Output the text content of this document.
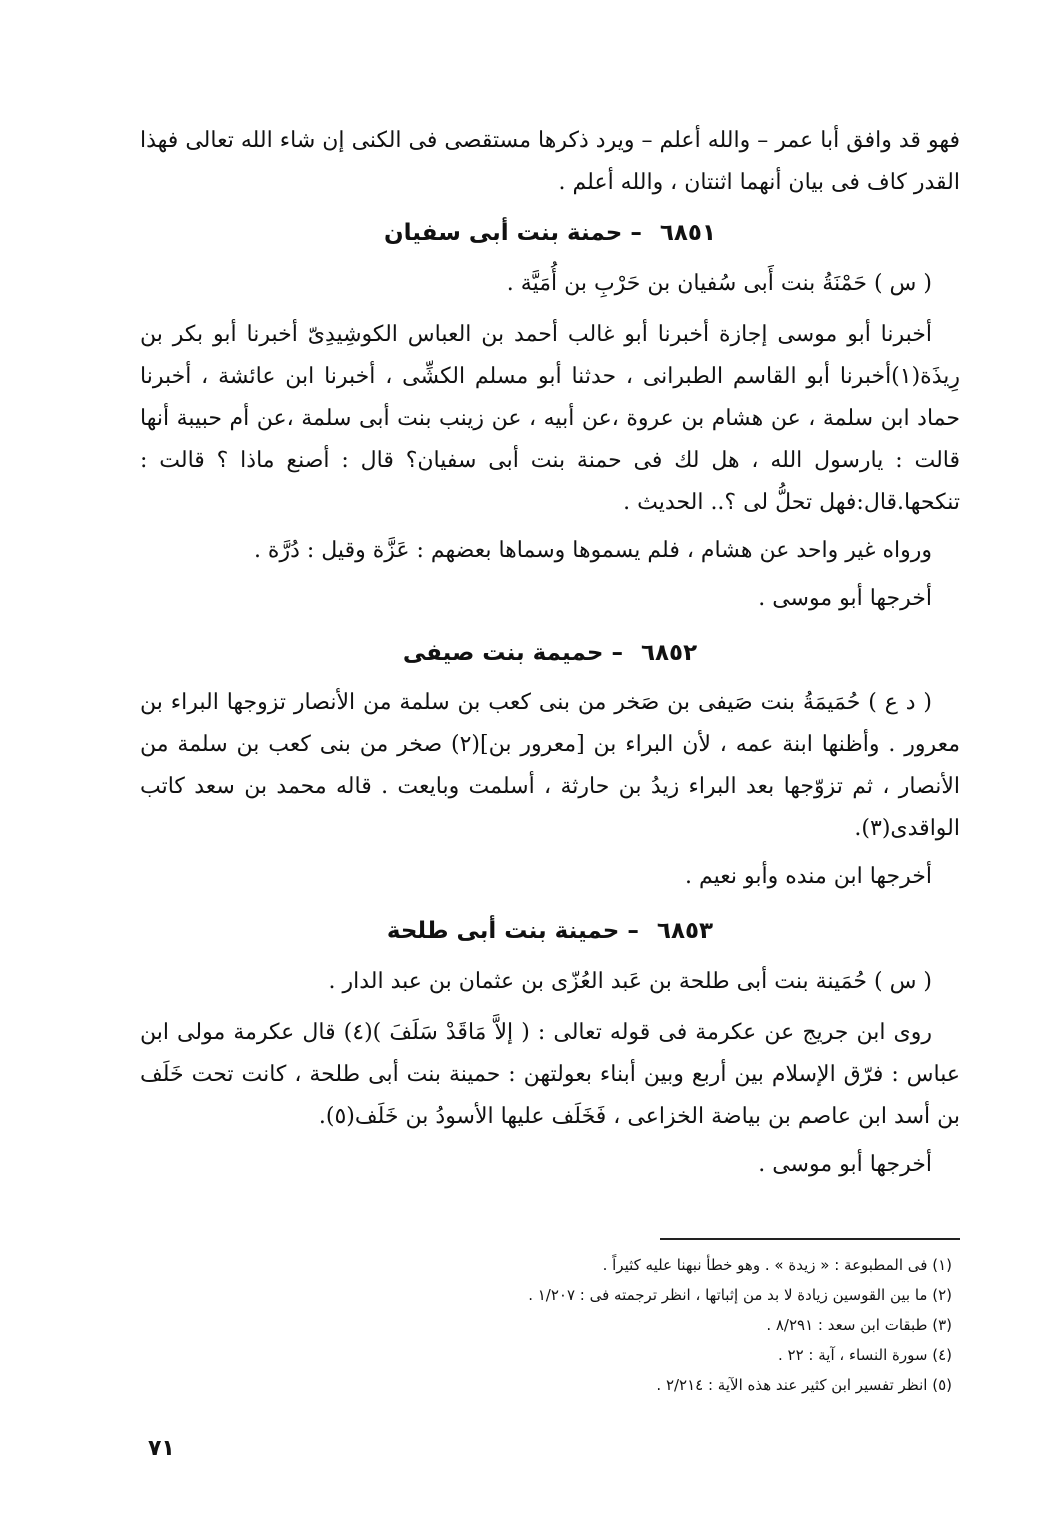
فهو قد وافق أبا عمر – والله أعلم – ويرد ذكرها مستقصى فى الكنى إن شاء الله تعالى فهذا القدر كاف فى بيان أنهما اثنتان ، والله أعلم .

٦٨٥١ – حمنة بنت أبى سفيان

( س ) حَمْنَةُ بنت أَبى سُفيان بن حَرْبِ بن أُمَيَّة .

أخبرنا أبو موسى إجازة أخبرنا أبو غالب أحمد بن العباس الكوشِيدِىّ أخبرنا أبو بكر بن رِيذَة(١)أخبرنا أبو القاسم الطبرانى ، حدثنا أبو مسلم الكشِّى ، أخبرنا ابن عائشة ، أخبرنا حماد ابن سلمة ، عن هشام بن عروة ،عن أبيه ، عن زينب بنت أبى سلمة ،عن أم حبيبة أنها قالت : يارسول الله ، هل لك فى حمنة بنت أبى سفيان؟ قال : أصنع ماذا ؟ قالت : تنكحها.قال:فهل تحلُّ لى ؟.. الحديث .

ورواه غير واحد عن هشام ، فلم يسموها وسماها بعضهم : عَزَّة وقيل : دُرَّة .

أخرجها أبو موسى .

٦٨٥٢ – حميمة بنت صيفى

( د ع ) حُمَيمَةُ بنت صَيفى بن صَخر من بنى كعب بن سلمة من الأنصار تزوجها البراء بن معرور . وأظنها ابنة عمه ، لأن البراء بن [معرور بن](٢) صخر من بنى كعب بن سلمة من الأنصار ، ثم تزوّجها بعد البراء زيدُ بن حارثة ، أسلمت وبايعت . قاله محمد بن سعد كاتب الواقدى(٣).

أخرجها ابن منده وأبو نعيم .

٦٨٥٣ – حمينة بنت أبى طلحة

( س ) حُمَينة بنت أبى طلحة بن عَبد العُزّى بن عثمان بن عبد الدار .

روى ابن جريج عن عكرمة فى قوله تعالى : ( إلاَّ مَاقَدْ سَلَفَ )(٤) قال عكرمة مولى ابن عباس : فرّق الإسلام بين أربع وبين أبناء بعولتهن : حمينة بنت أبى طلحة ، كانت تحت خَلَف بن أسد ابن عاصم بن بياضة الخزاعى ، فَخَلَف عليها الأسودُ بن خَلَف(٥).

أخرجها أبو موسى .

(١) فى المطبوعة : « زيدة » . وهو خطأ نبهنا عليه كثيراً .
(٢) ما بين القوسين زيادة لا بد من إثباتها ، انظر ترجمته فى : ١/٢٠٧ .
(٣) طبقات ابن سعد : ٨/٢٩١ .
(٤) سورة النساء ، آية : ٢٢ .
(٥) انظر تفسير ابن كثير عند هذه الآية : ٢/٢١٤ .
٧١
